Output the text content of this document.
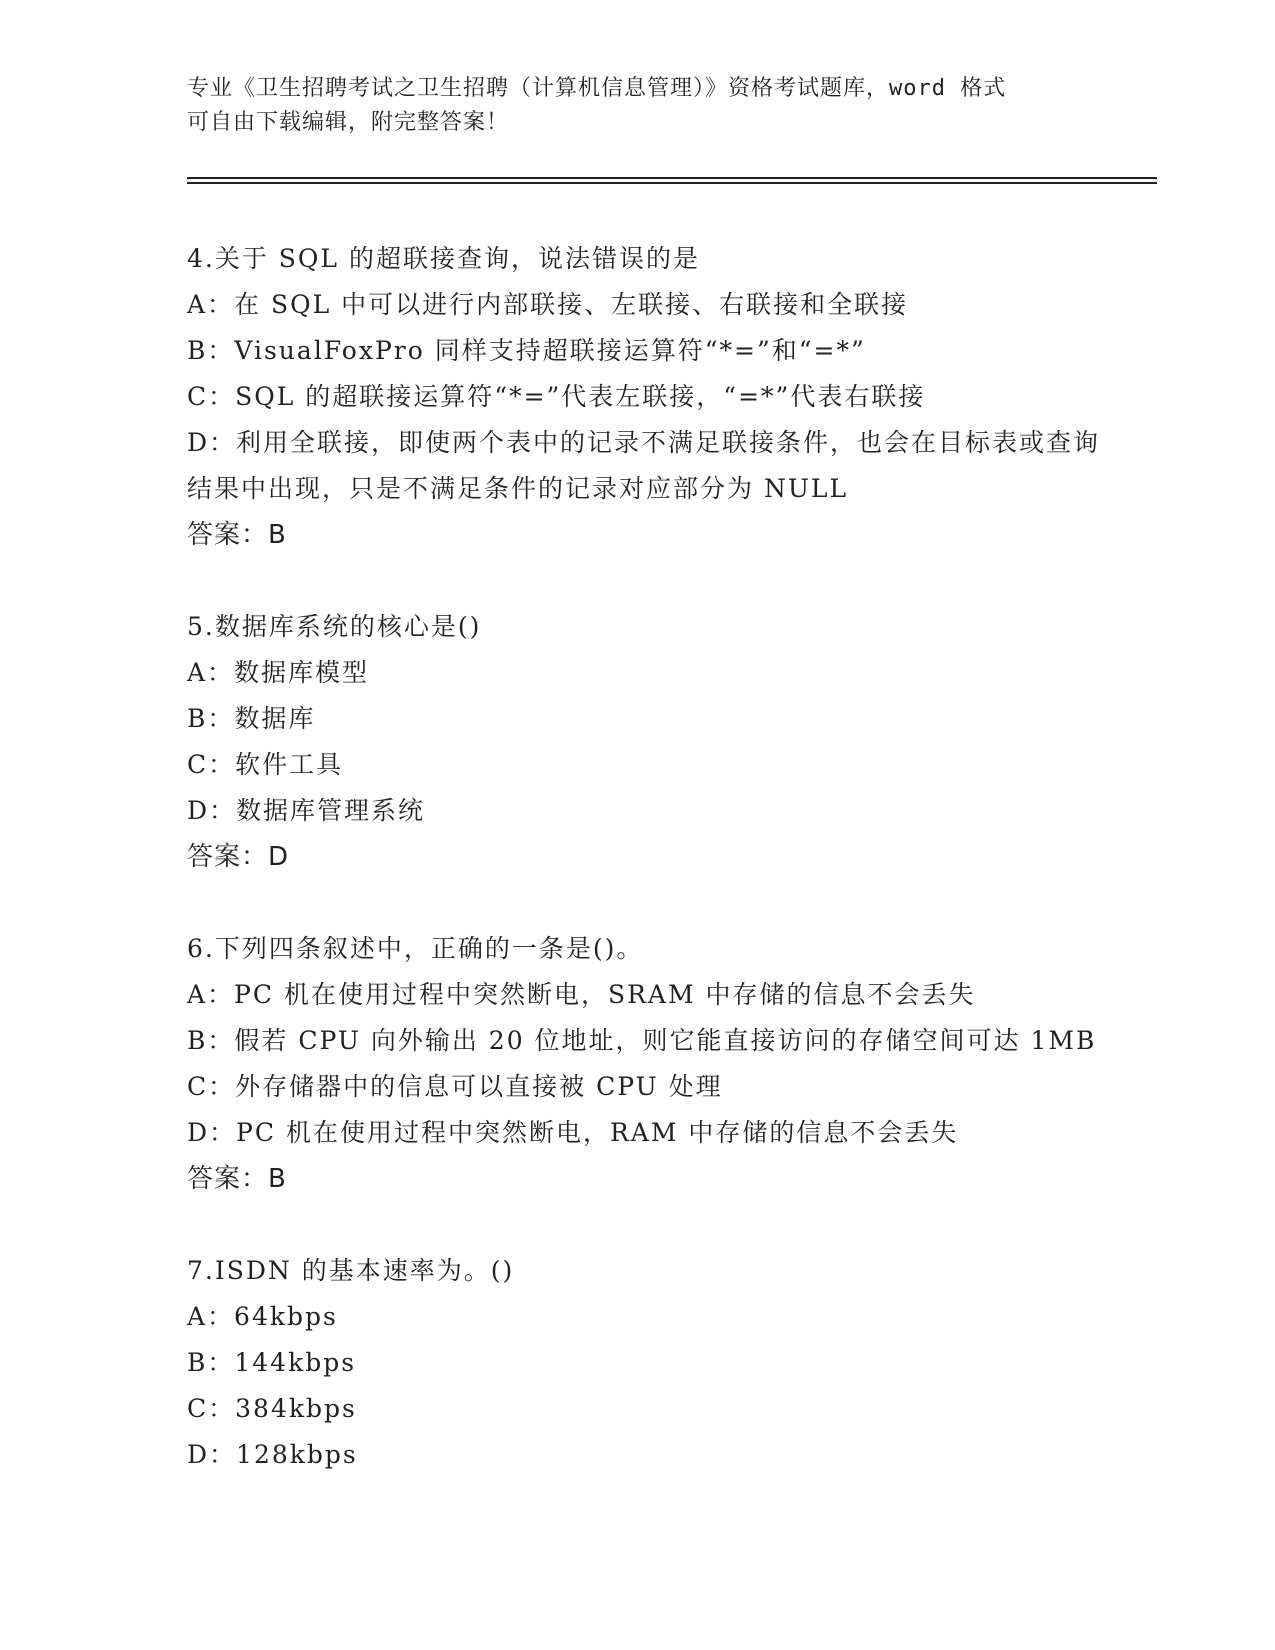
专业《卫生招聘考试之卫生招聘（计算机信息管理）》资格考试题库，word 格式
可自由下载编辑，附完整答案！
4.关于 SQL 的超联接查询，说法错误的是
A：在 SQL 中可以进行内部联接、左联接、右联接和全联接
B：VisualFoxPro 同样支持超联接运算符“*=”和“=*”
C：SQL 的超联接运算符“*=”代表左联接，“=*”代表右联接
D：利用全联接，即使两个表中的记录不满足联接条件，也会在目标表或查询结果中出现，只是不满足条件的记录对应部分为 NULL
答案：B
5.数据库系统的核心是()
A：数据库模型
B：数据库
C：软件工具
D：数据库管理系统
答案：D
6.下列四条叙述中，正确的一条是()。
A：PC 机在使用过程中突然断电，SRAM 中存储的信息不会丢失
B：假若 CPU 向外输出 20 位地址，则它能直接访问的存储空间可达 1MB
C：外存储器中的信息可以直接被 CPU 处理
D：PC 机在使用过程中突然断电，RAM 中存储的信息不会丢失
答案：B
7.ISDN 的基本速率为。()
A：64kbps
B：144kbps
C：384kbps
D：128kbps
